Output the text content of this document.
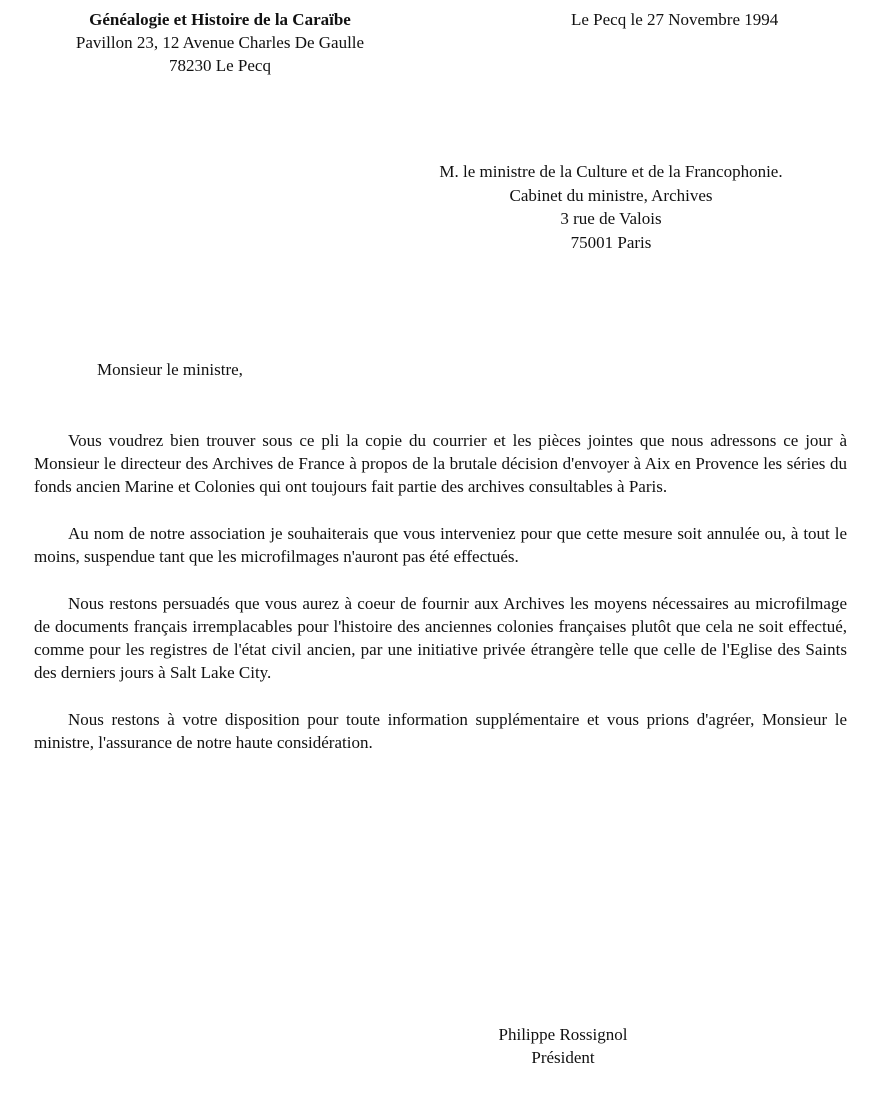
Généalogie et Histoire de la Caraïbe
Pavillon 23, 12 Avenue Charles De Gaulle
78230 Le Pecq
Le Pecq le 27 Novembre 1994
M. le ministre de la Culture et de la Francophonie.
Cabinet du ministre, Archives
3 rue de Valois
75001 Paris
Monsieur le ministre,

Vous voudrez bien trouver sous ce pli la copie du courrier et les pièces jointes que nous adressons ce jour à Monsieur le directeur des Archives de France à propos de la brutale décision d'envoyer à Aix en Provence les séries du fonds ancien Marine et Colonies qui ont toujours fait partie des archives consultables à Paris.

Au nom de notre association je souhaiterais que vous interveniez pour que cette mesure soit annulée ou, à tout le moins, suspendue tant que les microfilmages n'auront pas été effectués.

Nous restons persuadés que vous aurez à coeur de fournir aux Archives les moyens nécessaires au microfilmage de documents français irremplacables pour l'histoire des anciennes colonies françaises plutôt que cela ne soit effectué, comme pour les registres de l'état civil ancien, par une initiative privée étrangère telle que celle de l'Eglise des Saints des derniers jours à Salt Lake City.

Nous restons à votre disposition pour toute information supplémentaire et vous prions d'agréer, Monsieur le ministre, l'assurance de notre haute considération.

Philippe Rossignol
Président
